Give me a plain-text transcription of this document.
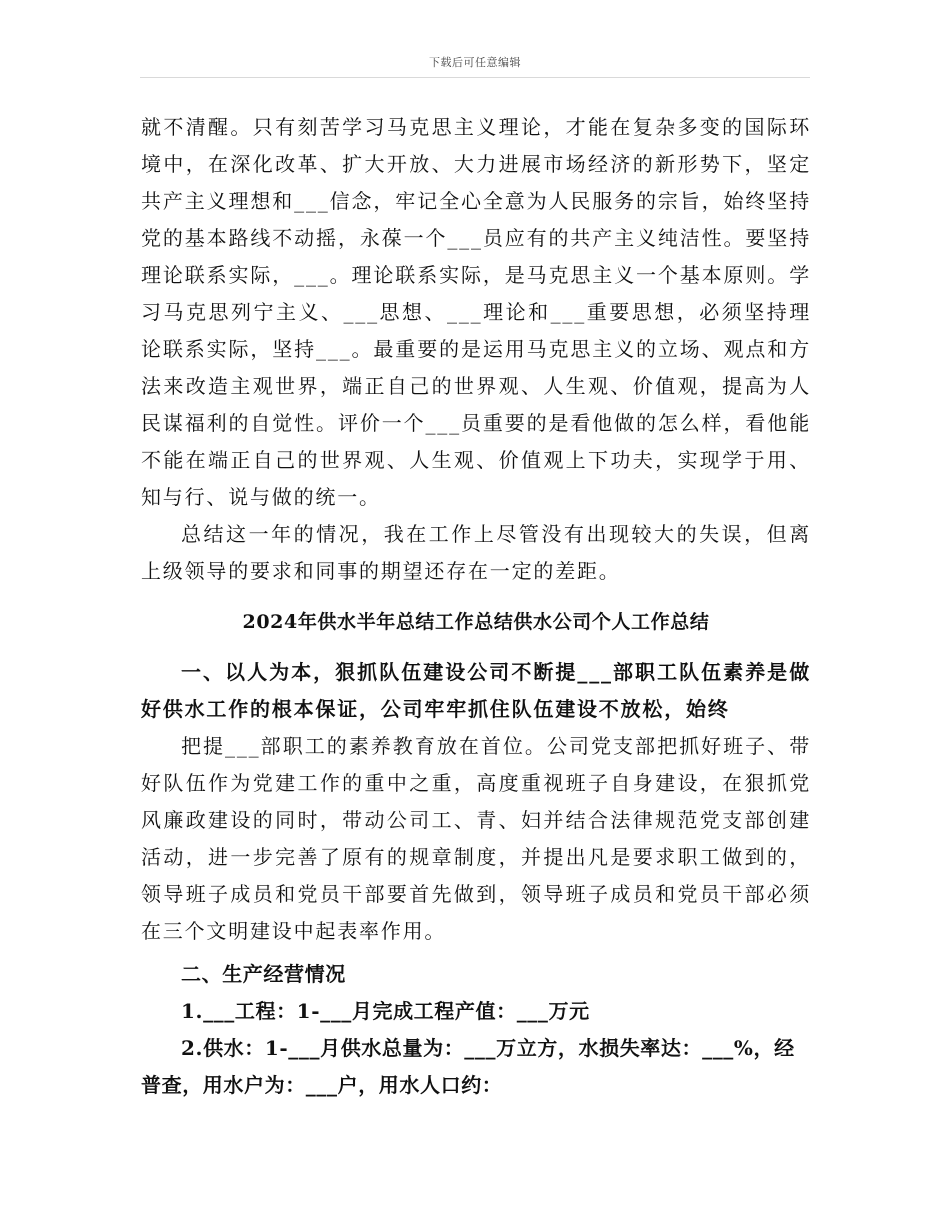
下载后可任意编辑

就不清醒。只有刻苦学习马克思主义理论，才能在复杂多变的国际环境中，在深化改革、扩大开放、大力进展市场经济的新形势下，坚定共产主义理想和___信念，牢记全心全意为人民服务的宗旨，始终坚持党的基本路线不动摇，永葆一个___员应有的共产主义纯洁性。要坚持理论联系实际，___。理论联系实际，是马克思主义一个基本原则。学习马克思列宁主义、___思想、___理论和___重要思想，必须坚持理论联系实际，坚持___。最重要的是运用马克思主义的立场、观点和方法来改造主观世界，端正自己的世界观、人生观、价值观，提高为人民谋福利的自觉性。评价一个___员重要的是看他做的怎么样，看他能不能在端正自己的世界观、人生观、价值观上下功夫，实现学于用、知与行、说与做的统一。

总结这一年的情况，我在工作上尽管没有出现较大的失误，但离上级领导的要求和同事的期望还存在一定的差距。

2024年供水半年总结工作总结供水公司个人工作总结

一、以人为本，狠抓队伍建设公司不断提___部职工队伍素养是做好供水工作的根本保证，公司牢牢抓住队伍建设不放松，始终

把提___部职工的素养教育放在首位。公司党支部把抓好班子、带好队伍作为党建工作的重中之重，高度重视班子自身建设，在狠抓党风廉政建设的同时，带动公司工、青、妇并结合法律规范党支部创建活动，进一步完善了原有的规章制度，并提出凡是要求职工做到的，领导班子成员和党员干部要首先做到，领导班子成员和党员干部必须在三个文明建设中起表率作用。

二、生产经营情况

1.___工程：1-___月完成工程产值：___万元

2.供水：1-___月供水总量为：___万立方，水损失率达：___%，经普查，用水户为：___户，用水人口约：
